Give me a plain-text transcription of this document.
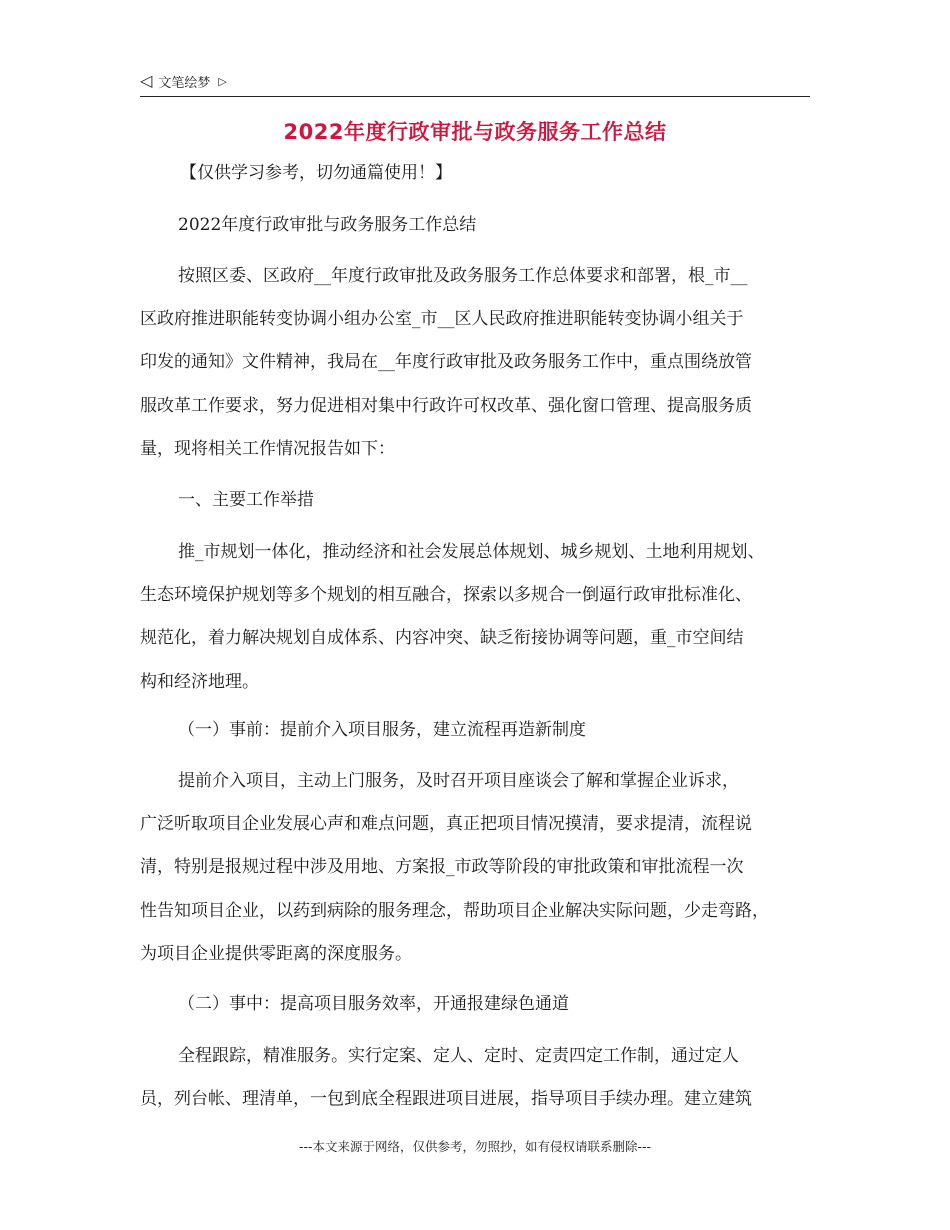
◁ 文笔绘梦 ▷
2022年度行政审批与政务服务工作总结
【仅供学习参考，切勿通篇使用！】
2022年度行政审批与政务服务工作总结
按照区委、区政府__年度行政审批及政务服务工作总体要求和部署，根_市__
区政府推进职能转变协调小组办公室_市__区人民政府推进职能转变协调小组关于
印发的通知》文件精神，我局在__年度行政审批及政务服务工作中，重点围绕放管
服改革工作要求，努力促进相对集中行政许可权改革、强化窗口管理、提高服务质
量，现将相关工作情况报告如下：
一、主要工作举措
推_市规划一体化，推动经济和社会发展总体规划、城乡规划、土地利用规划、
生态环境保护规划等多个规划的相互融合，探索以多规合一倒逼行政审批标准化、
规范化，着力解决规划自成体系、内容冲突、缺乏衔接协调等问题，重_市空间结
构和经济地理。
（一）事前：提前介入项目服务，建立流程再造新制度
提前介入项目，主动上门服务，及时召开项目座谈会了解和掌握企业诉求，
广泛听取项目企业发展心声和难点问题，真正把项目情况摸清，要求提清，流程说
清，特别是报规过程中涉及用地、方案报_市政等阶段的审批政策和审批流程一次
性告知项目企业，以药到病除的服务理念，帮助项目企业解决实际问题，少走弯路，
为项目企业提供零距离的深度服务。
（二）事中：提高项目服务效率，开通报建绿色通道
全程跟踪，精准服务。实行定案、定人、定时、定责四定工作制，通过定人
员，列台帐、理清单，一包到底全程跟进项目进展，指导项目手续办理。建立建筑
---本文来源于网络，仅供参考，勿照抄，如有侵权请联系删除---
